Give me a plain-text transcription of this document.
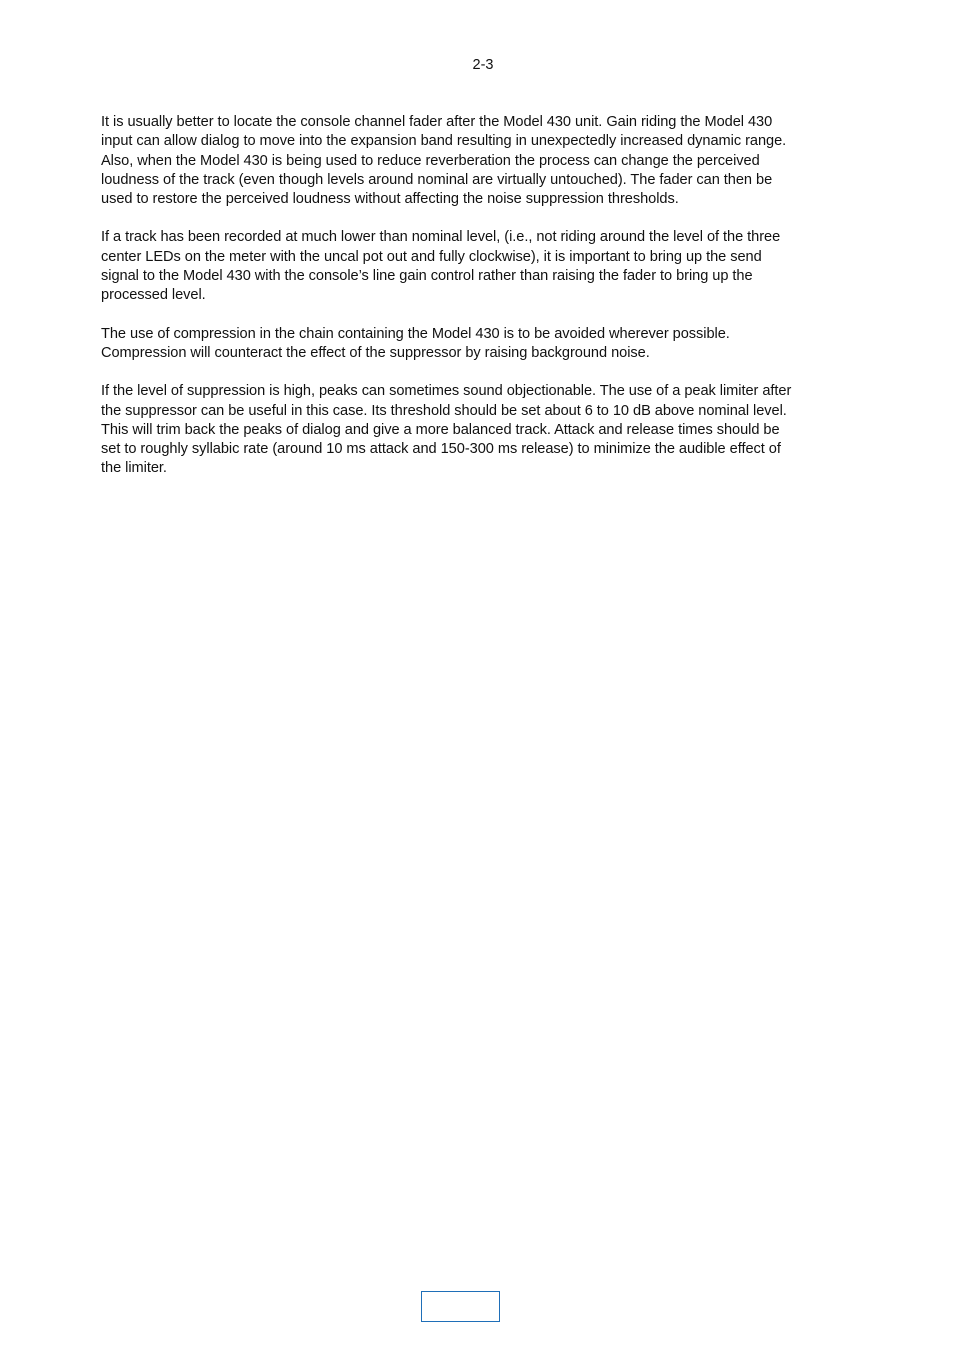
2-3

It is usually better to locate the console channel fader after the Model 430 unit. Gain riding the Model 430
input can allow dialog to move into the expansion band resulting in unexpectedly increased dynamic range.
Also, when the Model 430 is being used to reduce reverberation the process can change the perceived
loudness of the track (even though levels around nominal are virtually untouched). The fader can then be
used to restore the perceived loudness without affecting the noise suppression thresholds.

If a track has been recorded at much lower than nominal level, (i.e., not riding around the level of the three
center LEDs on the meter with the uncal pot out and fully clockwise), it is important to bring up the send
signal to the Model 430 with the console’s line gain control rather than raising the fader to bring up the
processed level.

The use of compression in the chain containing the Model 430 is to be avoided wherever possible.
Compression will counteract the effect of the suppressor by raising background noise.

If the level of suppression is high, peaks can sometimes sound objectionable. The use of a peak limiter after
the suppressor can be useful in this case. Its threshold should be set about 6 to 10 dB above nominal level.
This will trim back the peaks of dialog and give a more balanced track. Attack and release times should be
set to roughly syllabic rate (around 10 ms attack and 150-300 ms release) to minimize the audible effect of
the limiter.
